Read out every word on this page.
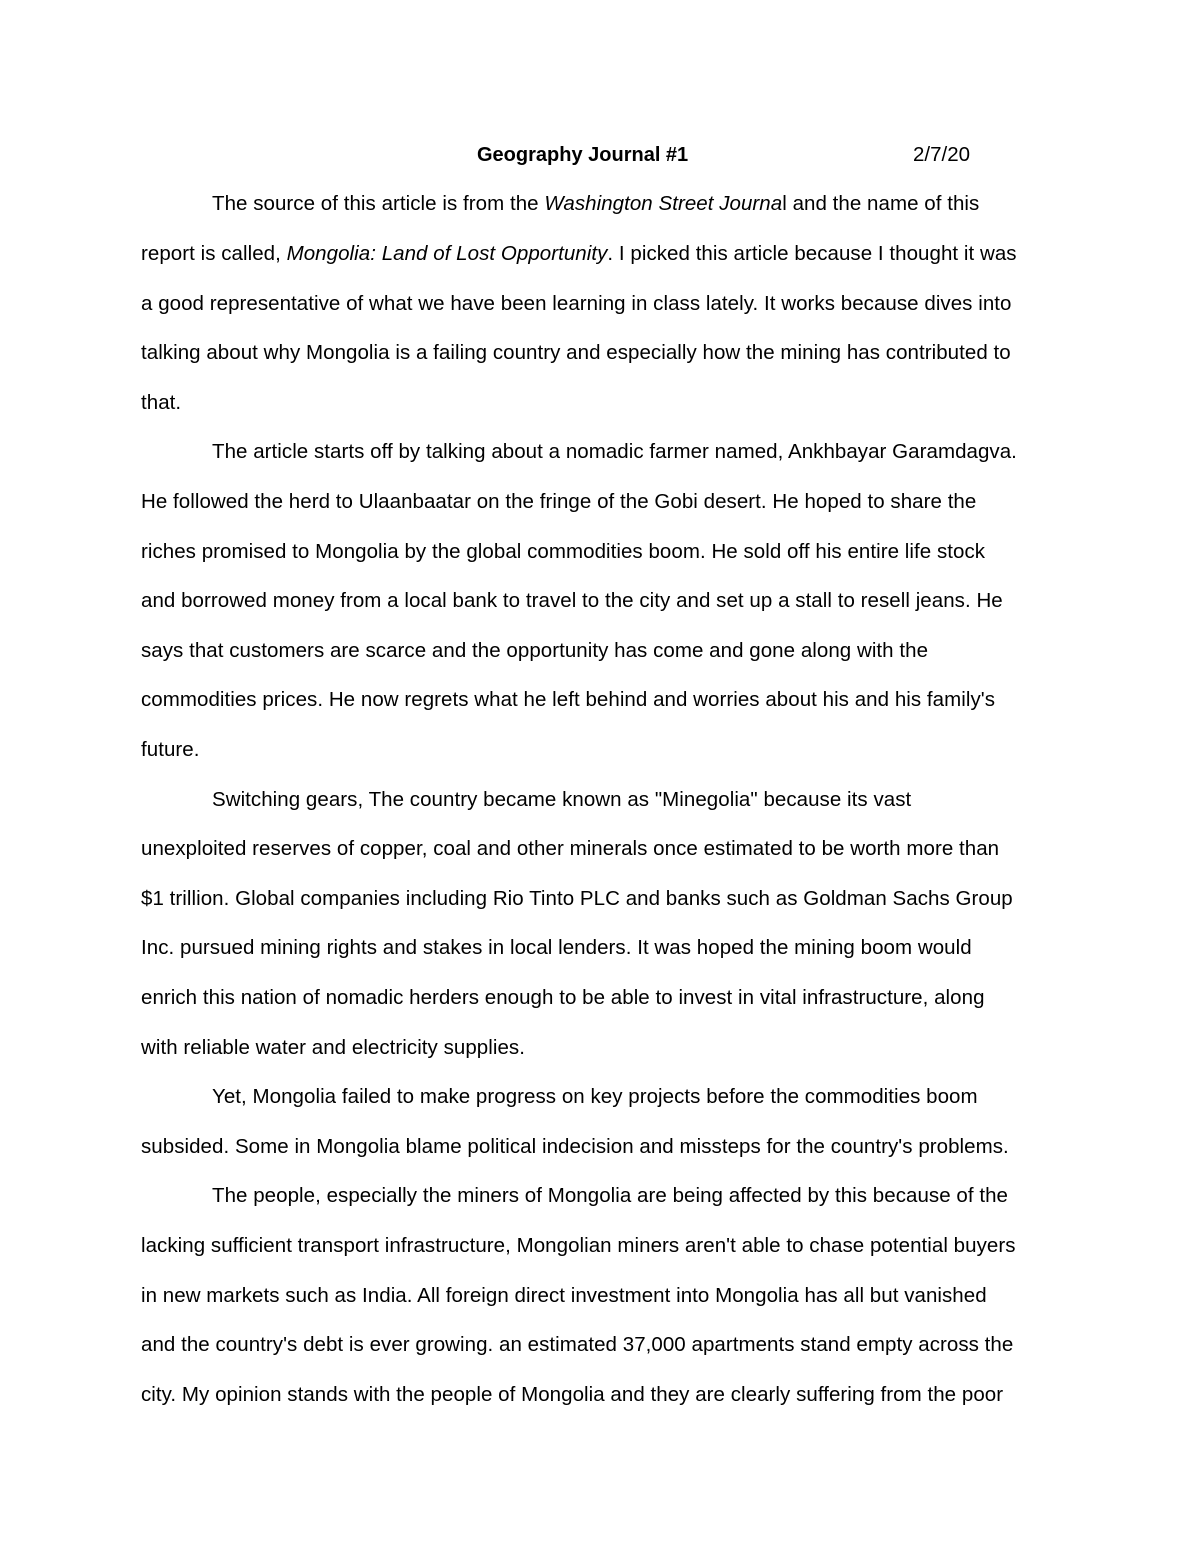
Geography Journal #1	2/7/20
The source of this article is from the Washington Street Journal and the name of this
report is called, Mongolia: Land of Lost Opportunity. I picked this article because I thought it was
a good representative of what we have been learning in class lately. It works because dives into
talking about why Mongolia is a failing country and especially how the mining has contributed to
that.
The article starts off by talking about a nomadic farmer named, Ankhbayar Garamdagva.
He followed the herd to Ulaanbaatar on the fringe of the Gobi desert. He hoped to share the
riches promised to Mongolia by the global commodities boom. He sold off his entire life stock
and borrowed money from a local bank to travel to the city and set up a stall to resell jeans. He
says that customers are scarce and the opportunity has come and gone along with the
commodities prices. He now regrets what he left behind and worries about his and his family's
future.
Switching gears, The country became known as "Minegolia" because its vast
unexploited reserves of copper, coal and other minerals once estimated to be worth more than
$1 trillion. Global companies including Rio Tinto PLC and banks such as Goldman Sachs Group
Inc. pursued mining rights and stakes in local lenders. It was hoped the mining boom would
enrich this nation of nomadic herders enough to be able to invest in vital infrastructure, along
with reliable water and electricity supplies.
Yet, Mongolia failed to make progress on key projects before the commodities boom
subsided. Some in Mongolia blame political indecision and missteps for the country's problems.
The people, especially the miners of Mongolia are being affected by this because of the
lacking sufficient transport infrastructure, Mongolian miners aren't able to chase potential buyers
in new markets such as India. All foreign direct investment into Mongolia has all but vanished
and the country's debt is ever growing. an estimated 37,000 apartments stand empty across the
city. My opinion stands with the people of Mongolia and they are clearly suffering from the poor
